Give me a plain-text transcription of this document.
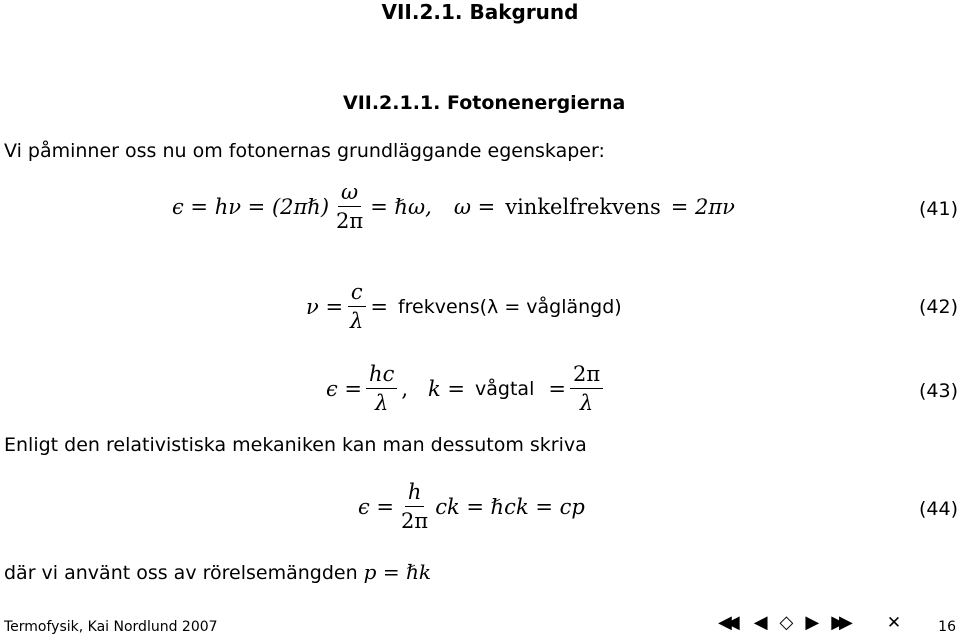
VII.2.1. Bakgrund
VII.2.1.1. Fotonenergierna
Vi påminner oss nu om fotonernas grundläggande egenskaper:
ϵ = hν = (2πℏ) $\frac{\omega}{2\pi}$ = ℏω, ω = vinkelfrekvens = 2πν	(41)
$\nu = \frac{c}{\lambda}$ = frekvens(λ = våglängd)	(42)
$\epsilon = \frac{hc}{\lambda}$ , k = vågtal = $\frac{2\pi}{\lambda}$	(43)
Enligt den relativistiska mekaniken kan man dessutom skriva
$\epsilon = \frac{h}{2\pi}$ ck = ℏck = cp	(44)
där vi använt oss av rörelsemängden p = ℏk
Termofysik, Kai Nordlund 2007	◀◀ ◀ ◇ ▶ ▶▶ ✕	16
